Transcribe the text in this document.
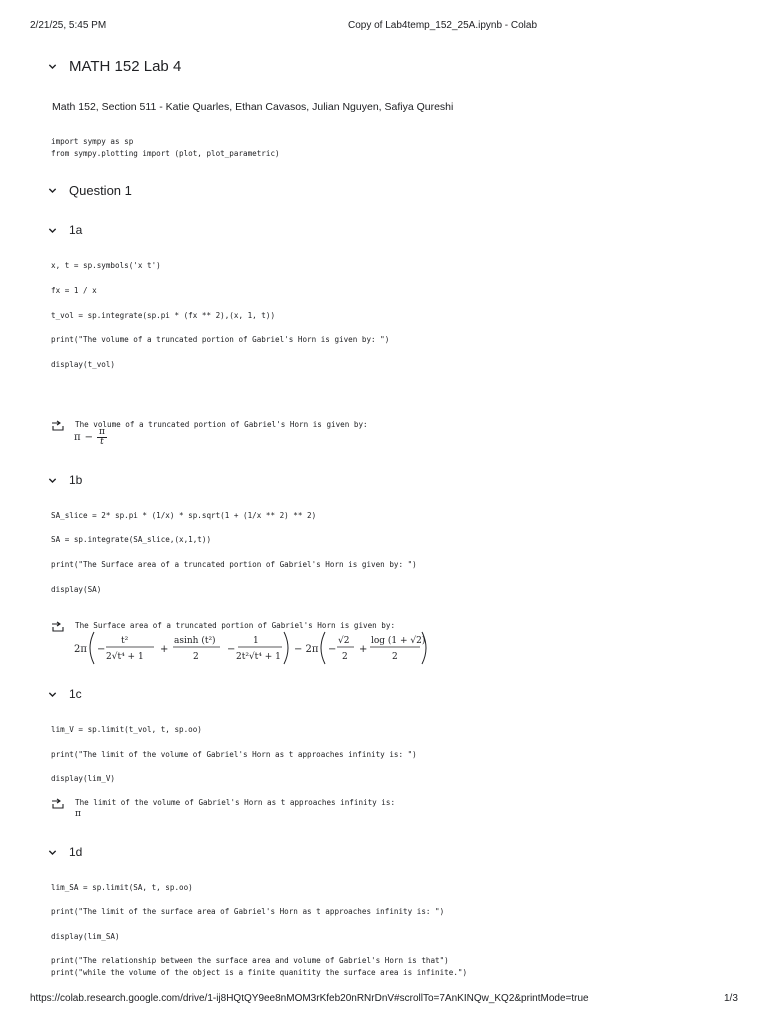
2/21/25, 5:45 PM	Copy of Lab4temp_152_25A.ipynb - Colab
MATH 152 Lab 4
Math 152, Section 511 - Katie Quarles, Ethan Cavasos, Julian Nguyen, Safiya Qureshi
import sympy as sp
from sympy.plotting import (plot, plot_parametric)
Question 1
1a
x, t = sp.symbols('x t')
fx = 1 / x
t_vol = sp.integrate(sp.pi * (fx ** 2),(x, 1, t))
print("The volume of a truncated portion of Gabriel's Horn is given by: ")
display(t_vol)
The volume of a truncated portion of Gabriel's Horn is given by:
$\pi - \frac{\pi}{t}$
1b
SA_slice = 2* sp.pi * (1/x) * sp.sqrt(1 + (1/x ** 2) ** 2)
SA = sp.integrate(SA_slice,(x,1,t))
print("The Surface area of a truncated portion of Gabriel's Horn is given by: ")
display(SA)
The Surface area of a truncated portion of Gabriel's Horn is given by:
2π −
t²
2√t⁴ + 1
+
asinh (t²)
2
−
1
2t²√t⁴ + 1
− 2π −
√2
2
+
log (1 + √2)
2
1c
lim_V = sp.limit(t_vol, t, sp.oo)
print("The limit of the volume of Gabriel's Horn as t approaches infinity is: ")
display(lim_V)
The limit of the volume of Gabriel's Horn as t approaches infinity is:
π
1d
lim_SA = sp.limit(SA, t, sp.oo)
print("The limit of the surface area of Gabriel's Horn as t approaches infinity is: ")
display(lim_SA)
print("The relationship between the surface area and volume of Gabriel's Horn is that")
print("while the volume of the object is a finite quanitity the surface area is infinite.")
https://colab.research.google.com/drive/1-ij8HQtQY9ee8nMOM3rKfeb20nRNrDnV#scrollTo=7AnKINQw_KQ2&printMode=true	1/3
